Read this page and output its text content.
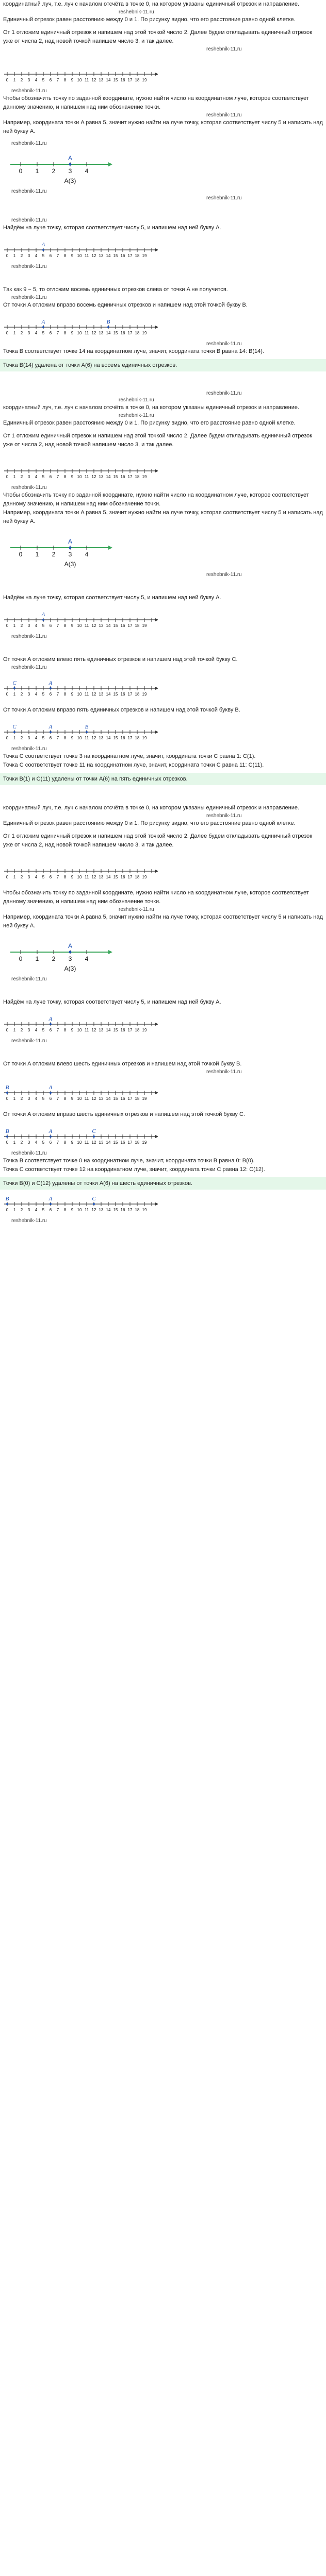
координатный луч, т.е. луч с началом отсчёта в точке 0, на котором указаны единичный отрезок и направление.

reshebnik-11.ru

Единичный отрезок равен расстоянию между 0 и 1. По рисунку видно, что его расстояние равно одной клетке.

От 1 отложим единичный отрезок и напишем над этой точкой число 2. Далее будем откладывать единичный отрезок уже от числа 2, над новой точкой напишем число 3, и так далее.

reshebnik-11.ru
0 1 2 3 4 5 6 7 8 9 10 11 12 13 14 15 16 17 18 19
reshebnik-11.ru

Чтобы обозначить точку по заданной координате, нужно найти число на координатном луче, которое соответствует данному значению, и напишем над ним обозначение точки.

reshebnik-11.ru

Например, координата точки A равна 5, значит нужно найти на луче точку, которая соответствует числу 5 и написать над ней букву A.

reshebnik-11.ru
0 1 2 3 4
A
A(3)
reshebnik-11.ru
reshebnik-11.ru
reshebnik-11.ru

Найдём на луче точку, которая соответствует числу 5, и напишем над ней букву A.

0 1 2 3 4 5 6 7 8 9 10 11 12 13 14 15 16 17 18 19
A
reshebnik-11.ru

Так как 9 − 5, то отложим восемь единичных отрезков слева от точки A не получится.

reshebnik-11.ru

От точки A отложим вправо восемь единичных отрезков и напишем над этой точкой букву B.

0 1 2 3 4 5 6 7 8 9 10 11 12 13 14 15 16 17 18 19
A	B
reshebnik-11.ru

Точка B соответствует точке 14 на координатном луче, значит, координата точки B равна 14: B(14).

Точка B(14) удалена от точки A(6) на восемь единичных отрезков.
reshebnik-11.ru
reshebnik-11.ru

координатный луч, т.е. луч с началом отсчёта в точке 0, на котором указаны единичный отрезок и направление.

reshebnik-11.ru

Единичный отрезок равен расстоянию между 0 и 1. По рисунку видно, что его расстояние равно одной клетке.

От 1 отложим единичный отрезок и напишем над этой точкой число 2. Далее будем откладывать единичный отрезок уже от числа 2, над новой точкой напишем число 3, и так далее.

0 1 2 3 4 5 6 7 8 9 10 11 12 13 14 15 16 17 18 19
reshebnik-11.ru

Чтобы обозначить точку по заданной координате, нужно найти число на координатном луче, которое соответствует данному значению, и напишем над ним обозначение точки.

Например, координата точки A равна 5, значит нужно найти на луче точку, которая соответствует числу 5 и написать над ней букву A.

0 1 2 3 4
A
A(3)
reshebnik-11.ru

Найдём на луче точку, которая соответствует числу 5, и напишем над ней букву A.

0 1 2 3 4 5 6 7 8 9 10 11 12 13 14 15 16 17 18 19
A
reshebnik-11.ru

От точки A отложим влево пять единичных отрезков и напишем над этой точкой букву C.

reshebnik-11.ru
0 1 2 3 4 5 6 7 8 9 10 11 12 13 14 15 16 17 18 19
C	A

От точки A отложим вправо пять единичных отрезков и напишем над этой точкой букву B.

0 1 2 3 4 5 6 7 8 9 10 11 12 13 14 15 16 17 18 19
C	A	B
reshebnik-11.ru

Точка C соответствует точке 3 на координатном луче, значит, координата точки C равна 1: C(1).

Точка C соответствует точке 11 на координатном луче, значит, координата точки C равна 11: C(11).

Точки B(1) и C(11) удалены от точки A(6) на пять единичных отрезков.

координатный луч, т.е. луч с началом отсчёта в точке 0, на котором указаны единичный отрезок и направление.

reshebnik-11.ru

Единичный отрезок равен расстоянию между 0 и 1. По рисунку видно, что его расстояние равно одной клетке.

От 1 отложим единичный отрезок и напишем над этой точкой число 2. Далее будем откладывать единичный отрезок уже от числа 2, над новой точкой напишем число 3, и так далее.

0 1 2 3 4 5 6 7 8 9 10 11 12 13 14 15 16 17 18 19

Чтобы обозначить точку по заданной координате, нужно найти число на координатном луче, которое соответствует данному значению, и напишем над ним обозначение точки.

reshebnik-11.ru

Например, координата точки A равна 5, значит нужно найти на луче точку, которая соответствует числу 5 и написать над ней букву A.

0 1 2 3 4
A
A(3)
reshebnik-11.ru

Найдём на луче точку, которая соответствует числу 5, и напишем над ней букву A.

0 1 2 3 4 5 6 7 8 9 10 11 12 13 14 15 16 17 18 19
A
reshebnik-11.ru

От точки A отложим влево шесть единичных отрезков и напишем над этой точкой букву B.

reshebnik-11.ru
0 1 2 3 4 5 6 7 8 9 10 11 12 13 14 15 16 17 18 19
B	A

От точки A отложим вправо шесть единичных отрезков и напишем над этой точкой букву C.

0 1 2 3 4 5 6 7 8 9 10 11 12 13 14 15 16 17 18 19
B	A	C
reshebnik-11.ru

Точка B соответствует точке 0 на координатном луче, значит, координата точки B равна 0: B(0).

Точка C соответствует точке 12 на координатном луче, значит, координата точки C равна 12: C(12).

Точки B(0) и C(12) удалены от точки A(6) на шесть единичных отрезков.
0 1 2 3 4 5 6 7 8 9 10 11 12 13 14 15 16 17 18 19
B	A	C
reshebnik-11.ru
